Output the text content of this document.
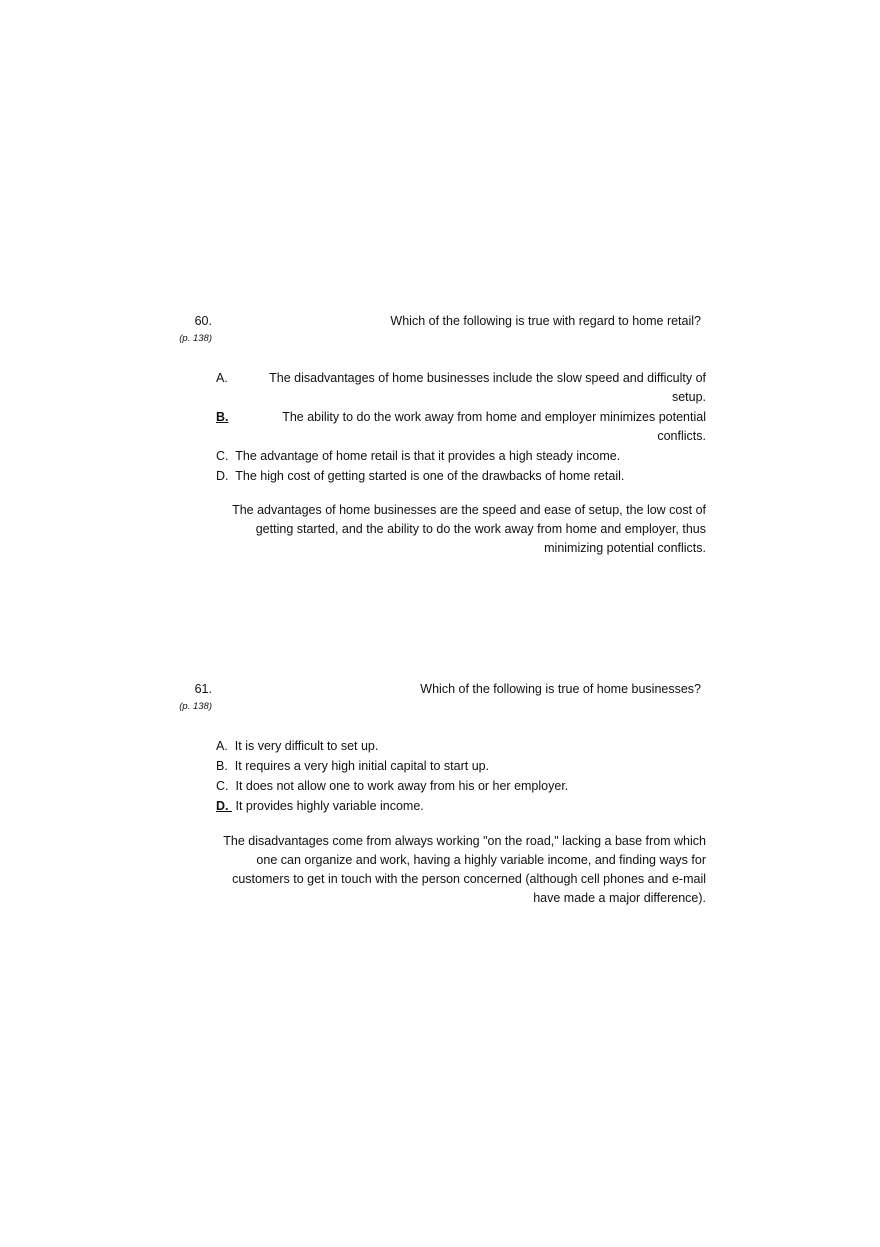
60.
(p. 138)
Which of the following is true with regard to home retail?
A.	The disadvantages of home businesses include the slow speed and difficulty of setup.
B.	The ability to do the work away from home and employer minimizes potential conflicts.
C.  The advantage of home retail is that it provides a high steady income.
D.  The high cost of getting started is one of the drawbacks of home retail.
The advantages of home businesses are the speed and ease of setup, the low cost of getting started, and the ability to do the work away from home and employer, thus minimizing potential conflicts.
61.
(p. 138)
Which of the following is true of home businesses?
A.  It is very difficult to set up.
B.  It requires a very high initial capital to start up.
C.  It does not allow one to work away from his or her employer.
D.  It provides highly variable income.
The disadvantages come from always working "on the road," lacking a base from which one can organize and work, having a highly variable income, and finding ways for customers to get in touch with the person concerned (although cell phones and e-mail have made a major difference).
